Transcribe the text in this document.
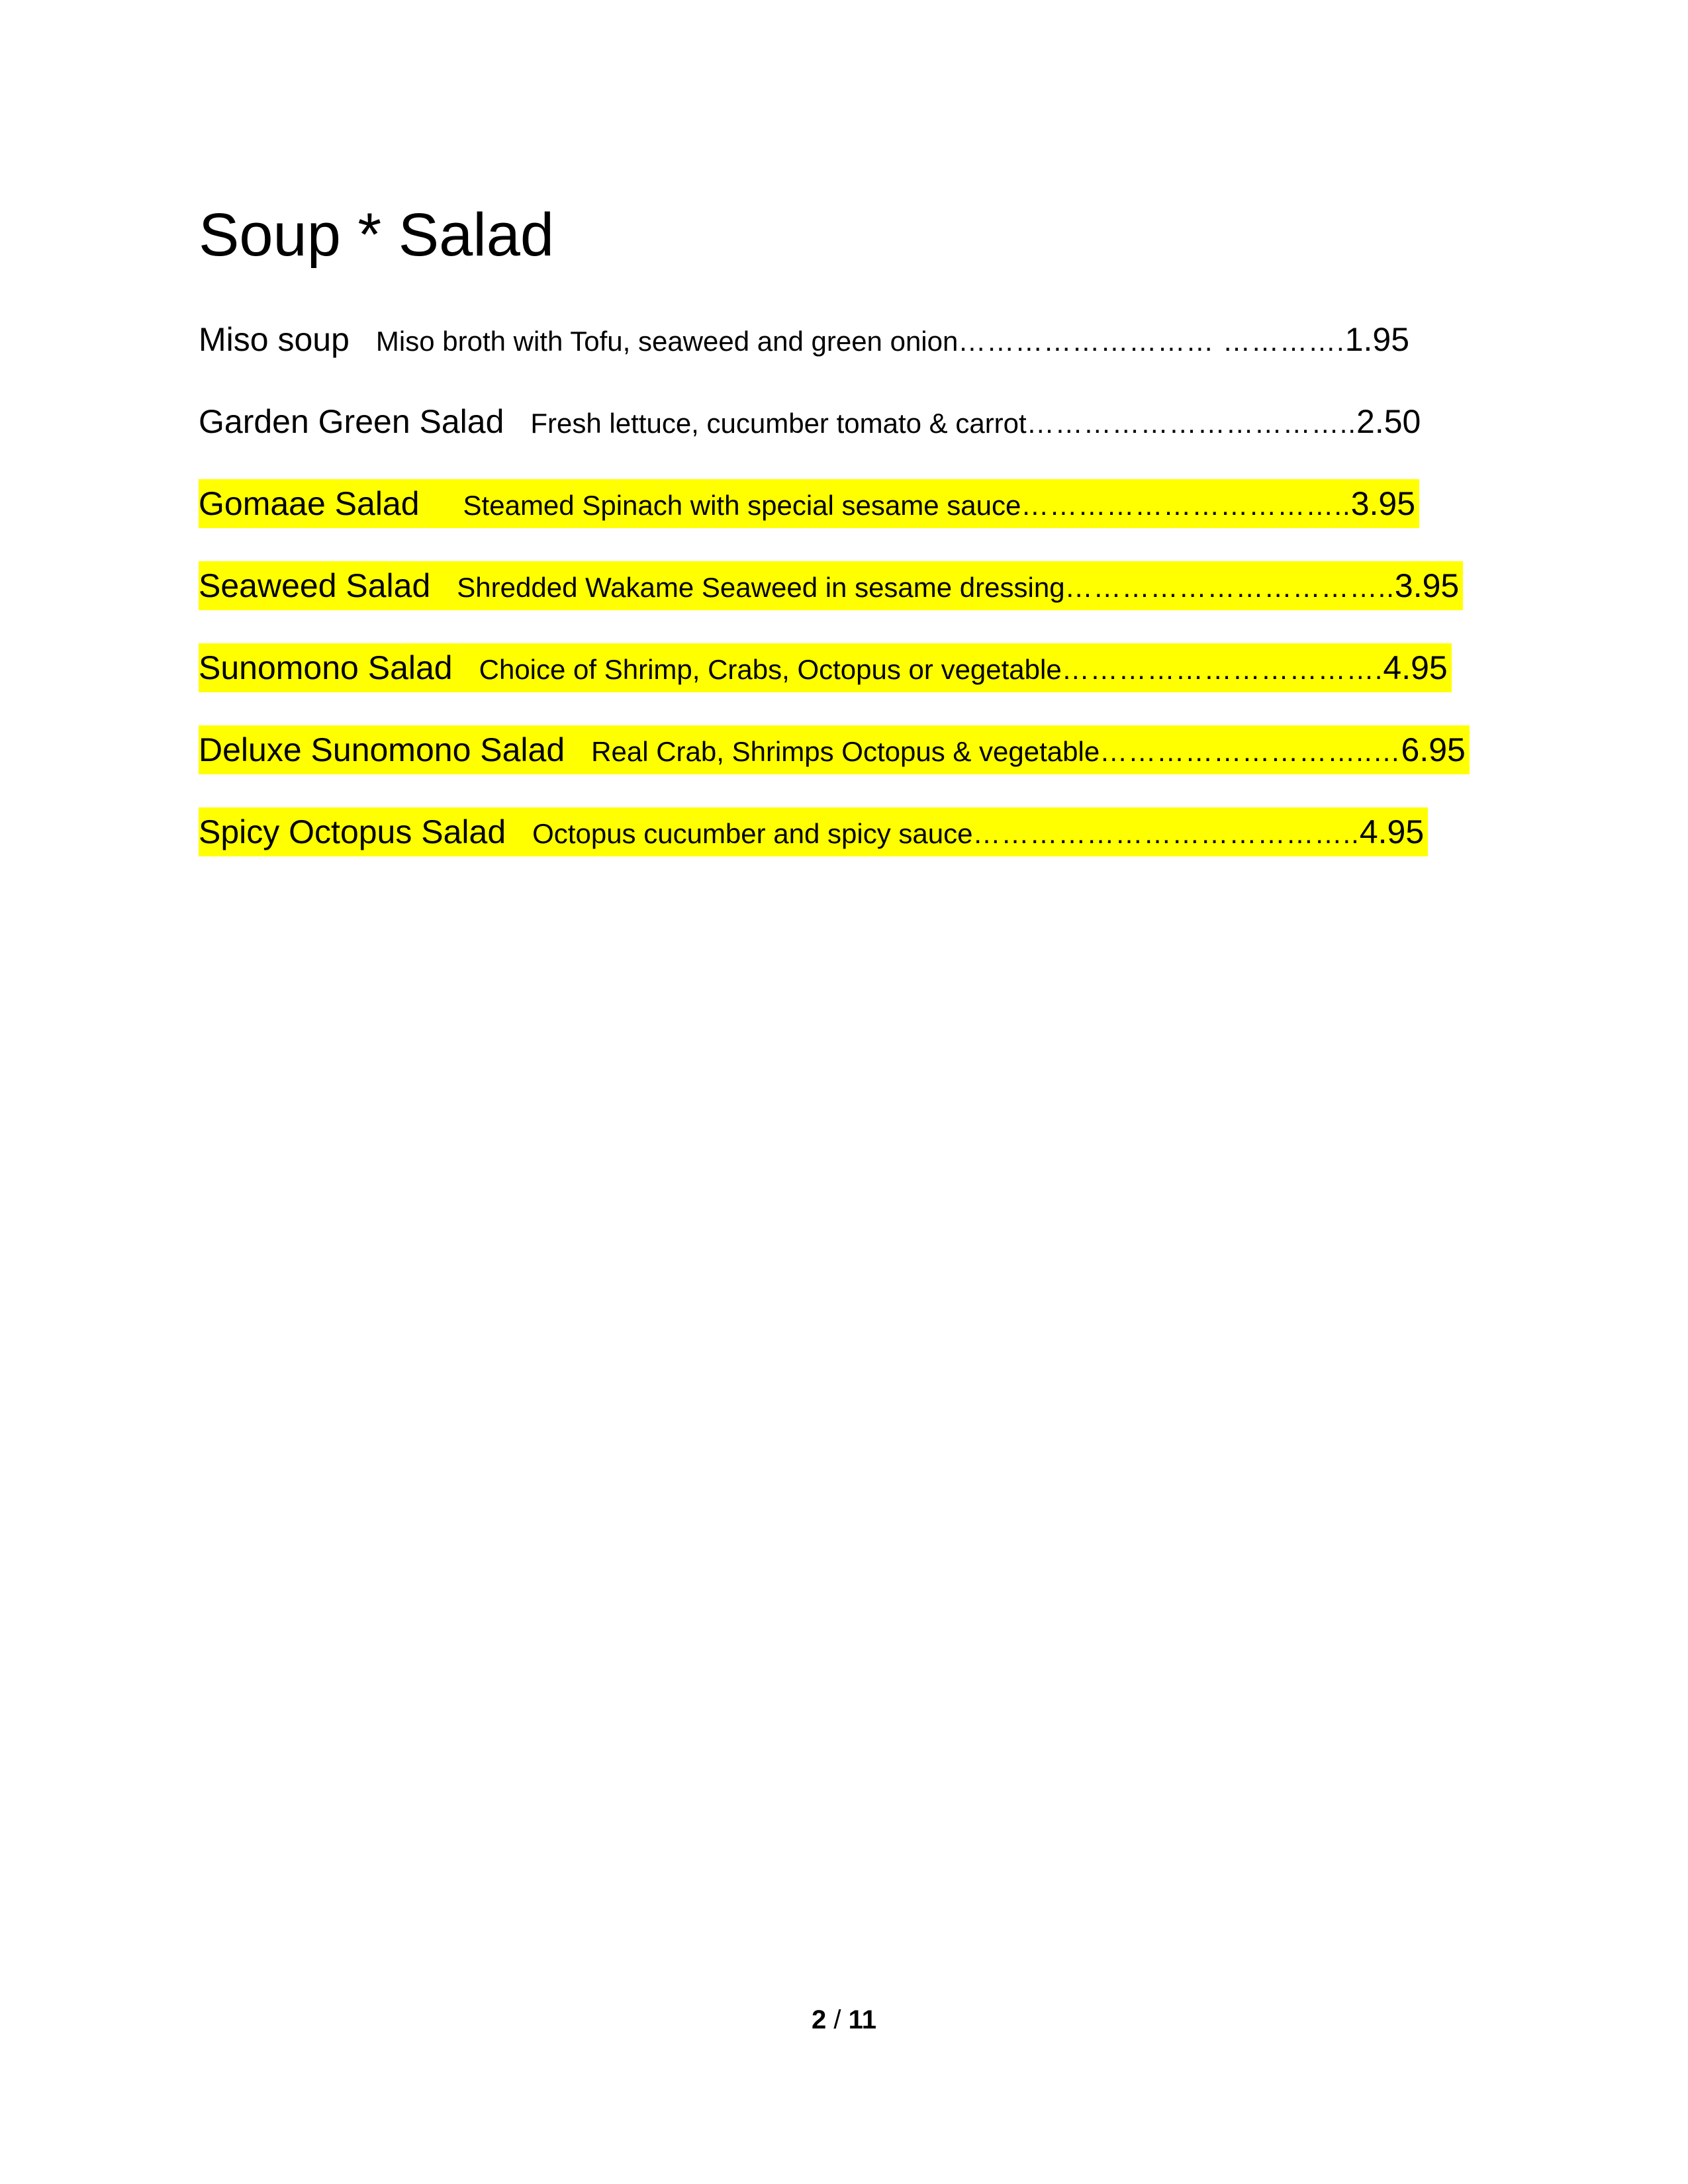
Soup * Salad
Miso soup Miso broth with Tofu, seaweed and green onion……………………… ………….1.95
Garden Green Salad Fresh lettuce, cucumber tomato & carrot……………………………..2.50
Gomaae Salad Steamed Spinach with special sesame sauce……………………………..3.95
Seaweed Salad Shredded Wakame Seaweed in sesame dressing……………………………..3.95
Sunomono Salad Choice of Shrimp, Crabs, Octopus or vegetable…………………………….4.95
Deluxe Sunomono Salad Real Crab, Shrimps Octopus & vegetable………………………..…6.95
Spicy Octopus Salad Octopus cucumber and spicy sauce…………………………………..4.95
2 / 11
